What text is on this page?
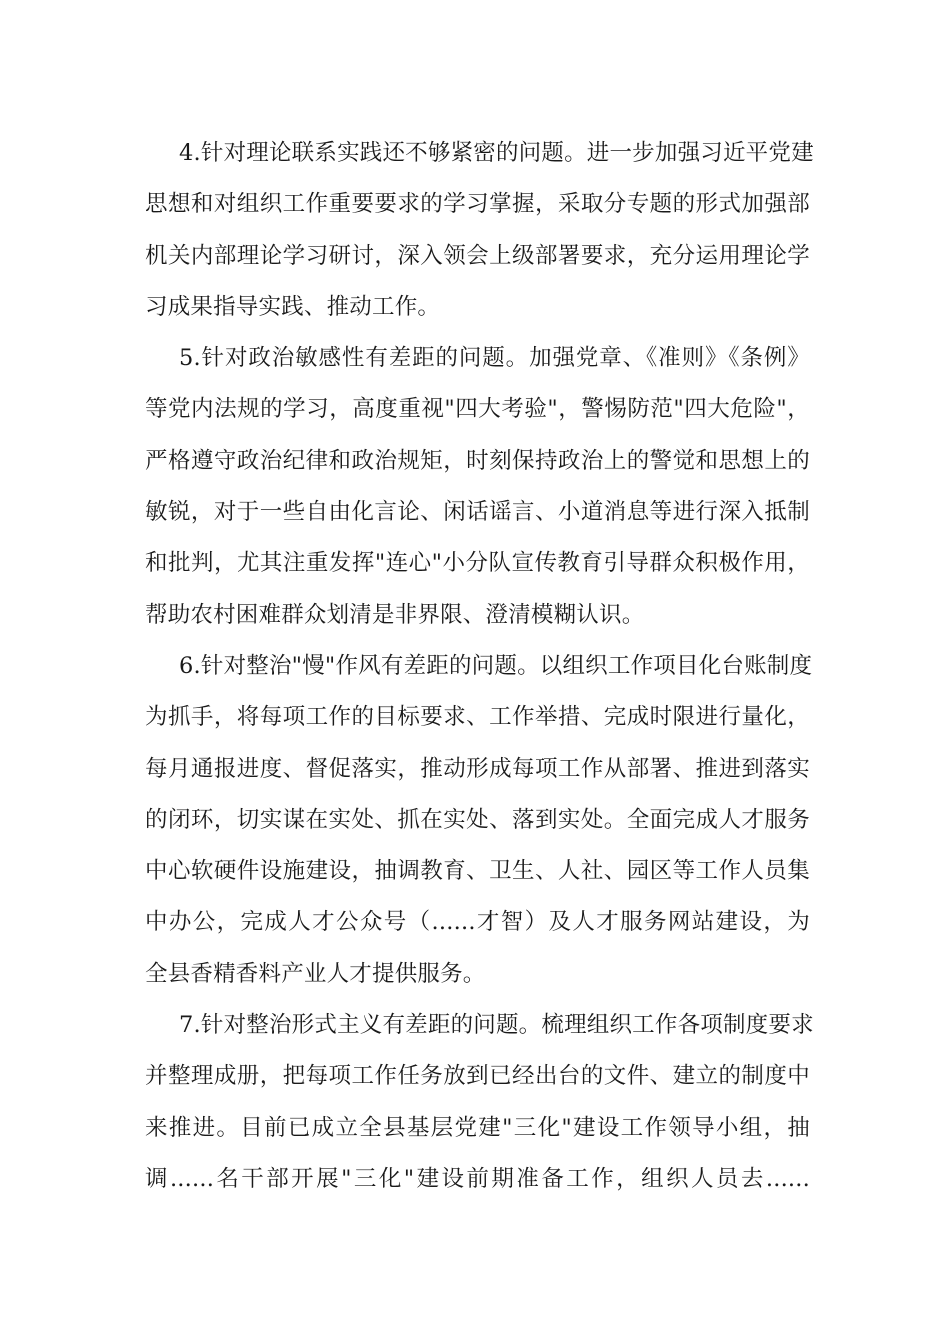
4.针对理论联系实践还不够紧密的问题。进一步加强习近平党建
思想和对组织工作重要要求的学习掌握，采取分专题的形式加强部
机关内部理论学习研讨，深入领会上级部署要求，充分运用理论学
习成果指导实践、推动工作。
5.针对政治敏感性有差距的问题。加强党章、《准则》《条例》
等党内法规的学习，高度重视"四大考验"，警惕防范"四大危险"，
严格遵守政治纪律和政治规矩，时刻保持政治上的警觉和思想上的
敏锐，对于一些自由化言论、闲话谣言、小道消息等进行深入抵制
和批判，尤其注重发挥"连心"小分队宣传教育引导群众积极作用，
帮助农村困难群众划清是非界限、澄清模糊认识。
6.针对整治"慢"作风有差距的问题。以组织工作项目化台账制度
为抓手，将每项工作的目标要求、工作举措、完成时限进行量化，
每月通报进度、督促落实，推动形成每项工作从部署、推进到落实
的闭环，切实谋在实处、抓在实处、落到实处。全面完成人才服务
中心软硬件设施建设，抽调教育、卫生、人社、园区等工作人员集
中办公，完成人才公众号（......才智）及人才服务网站建设，为
全县香精香料产业人才提供服务。
7.针对整治形式主义有差距的问题。梳理组织工作各项制度要求
并整理成册，把每项工作任务放到已经出台的文件、建立的制度中
来推进。目前已成立全县基层党建"三化"建设工作领导小组，抽
调......名干部开展"三化"建设前期准备工作，组织人员去......
